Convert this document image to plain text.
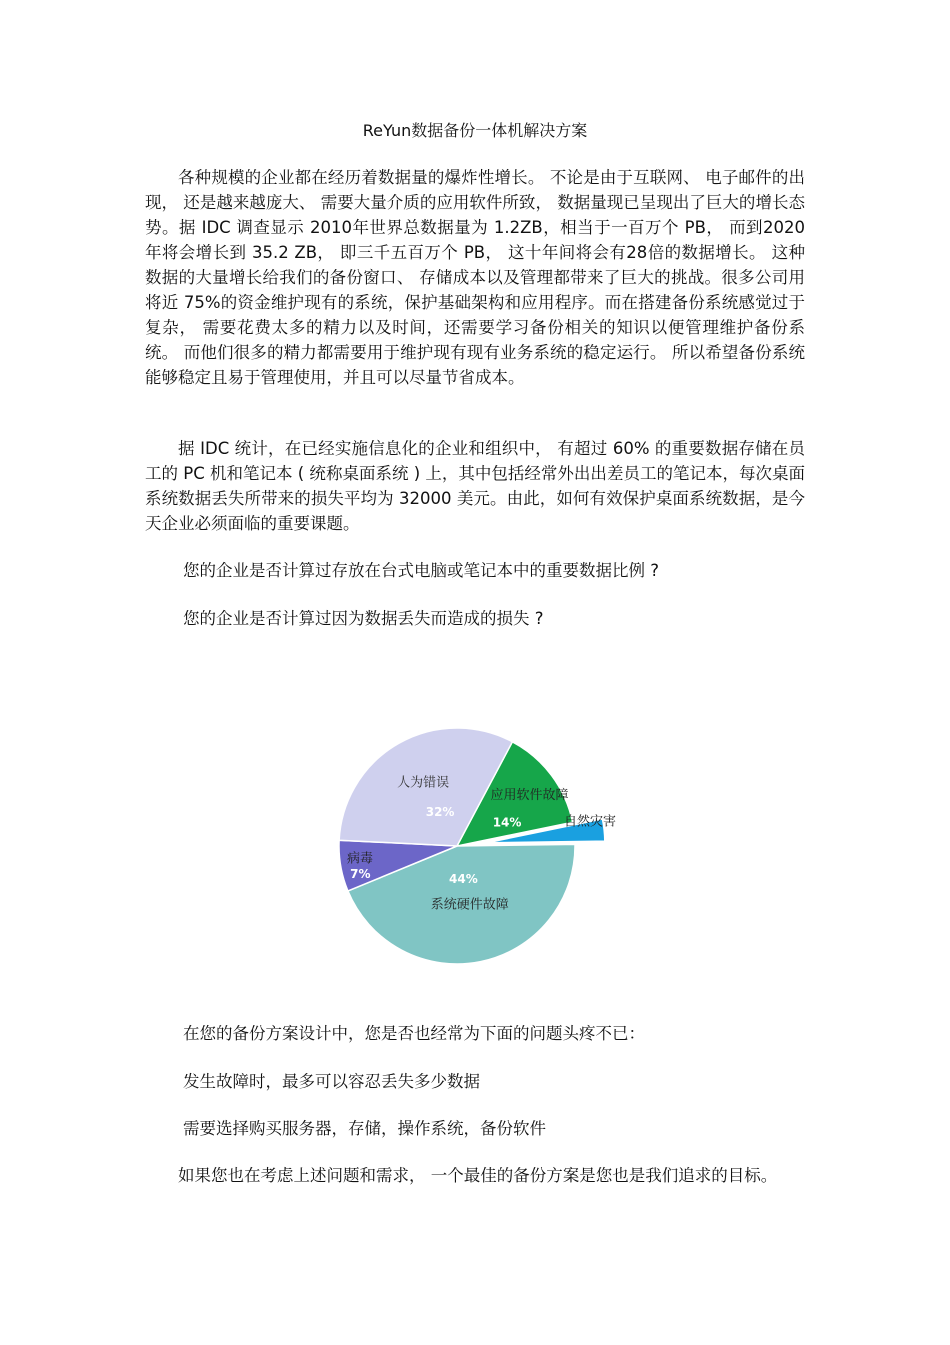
ReYun数据备份一体机解决方案

各种规模的企业都在经历着数据量的爆炸性增长。 不论是由于互联网、 电子邮件的出现， 还是越来越庞大、 需要大量介质的应用软件所致， 数据量现已呈现出了巨大的增长态势。据 IDC 调查显示 2010年世界总数据量为 1.2ZB，相当于一百万个 PB， 而到2020年将会增长到 35.2 ZB， 即三千五百万个 PB， 这十年间将会有28倍的数据增长。 这种数据的大量增长给我们的备份窗口、 存储成本以及管理都带来了巨大的挑战。很多公司用将近 75%的资金维护现有的系统，保护基础架构和应用程序。而在搭建备份系统感觉过于复杂， 需要花费太多的精力以及时间，还需要学习备份相关的知识以便管理维护备份系统。 而他们很多的精力都需要用于维护现有现有业务系统的稳定运行。 所以希望备份系统能够稳定且易于管理使用，并且可以尽量节省成本。

据 IDC 统计，在已经实施信息化的企业和组织中， 有超过 60% 的重要数据存储在员工的 PC 机和笔记本 ( 统称桌面系统 ) 上，其中包括经常外出出差员工的笔记本，每次桌面系统数据丢失所带来的损失平均为 32000 美元。由此，如何有效保护桌面系统数据，是今天企业必须面临的重要课题。

您的企业是否计算过存放在台式电脑或笔记本中的重要数据比例 ?
您的企业是否计算过因为数据丢失而造成的损失 ?
应用软件故障
14%	自然灾害
3%
系统硬件故障
44%
病毒
7%
人为错误
32%
在您的备份方案设计中，您是否也经常为下面的问题头疼不已：
发生故障时，最多可以容忍丢失多少数据
需要选择购买服务器，存储，操作系统，备份软件

如果您也在考虑上述问题和需求， 一个最佳的备份方案是您也是我们追求的目标。
